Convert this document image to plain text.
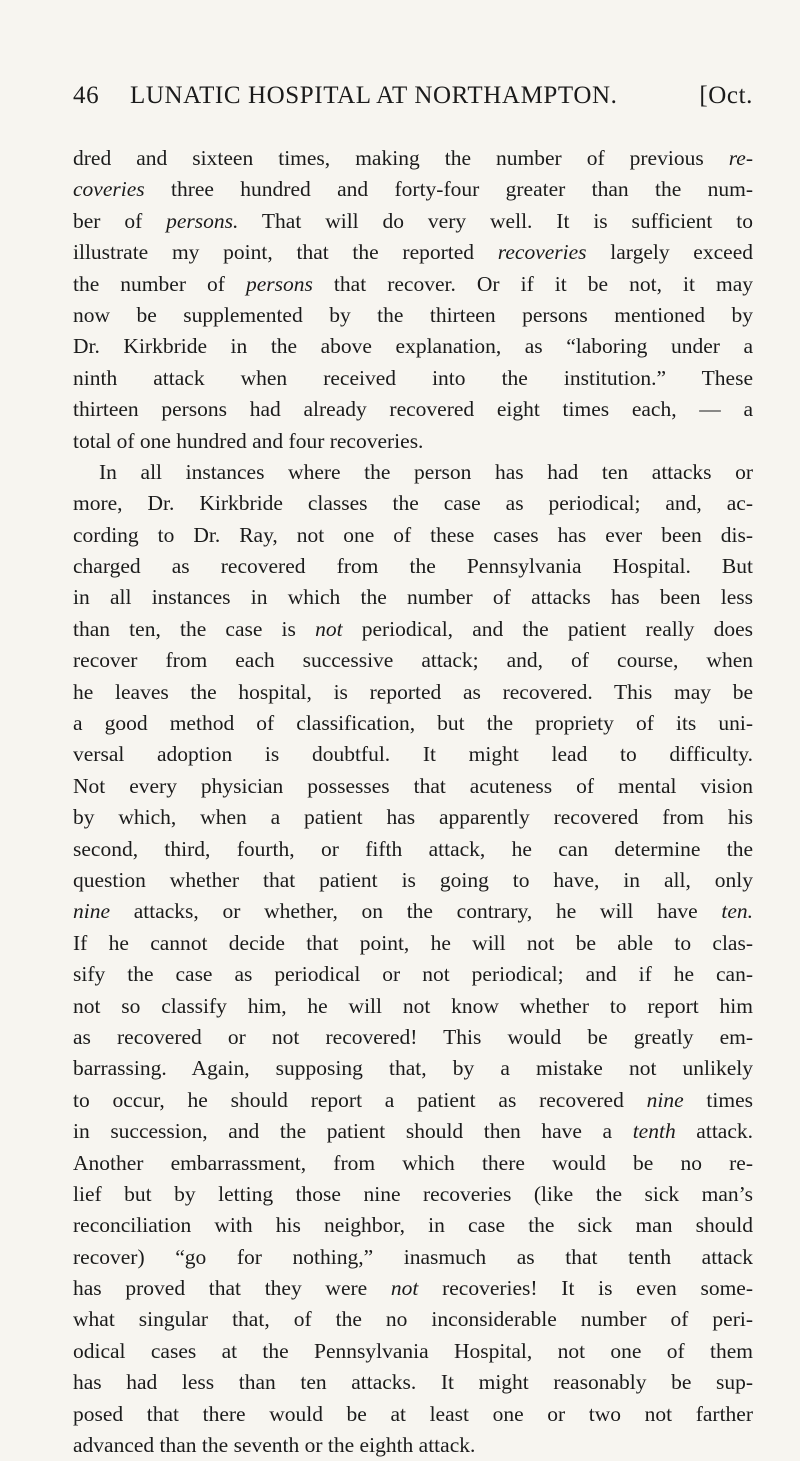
46 LUNATIC HOSPITAL AT NORTHAMPTON.	[Oct.
dred and sixteen times, making the number of previous re-
coveries three hundred and forty-four greater than the num-
ber of persons. That will do very well. It is sufficient to
illustrate my point, that the reported recoveries largely exceed
the number of persons that recover. Or if it be not, it may
now be supplemented by the thirteen persons mentioned by
Dr. Kirkbride in the above explanation, as “laboring under a
ninth attack when received into the institution.” These
thirteen persons had already recovered eight times each, — a
total of one hundred and four recoveries.
In all instances where the person has had ten attacks or
more, Dr. Kirkbride classes the case as periodical; and, ac-
cording to Dr. Ray, not one of these cases has ever been dis-
charged as recovered from the Pennsylvania Hospital. But
in all instances in which the number of attacks has been less
than ten, the case is not periodical, and the patient really does
recover from each successive attack; and, of course, when
he leaves the hospital, is reported as recovered. This may be
a good method of classification, but the propriety of its uni-
versal adoption is doubtful. It might lead to difficulty.
Not every physician possesses that acuteness of mental vision
by which, when a patient has apparently recovered from his
second, third, fourth, or fifth attack, he can determine the
question whether that patient is going to have, in all, only
nine attacks, or whether, on the contrary, he will have ten.
If he cannot decide that point, he will not be able to clas-
sify the case as periodical or not periodical; and if he can-
not so classify him, he will not know whether to report him
as recovered or not recovered! This would be greatly em-
barrassing. Again, supposing that, by a mistake not unlikely
to occur, he should report a patient as recovered nine times
in succession, and the patient should then have a tenth attack.
Another embarrassment, from which there would be no re-
lief but by letting those nine recoveries (like the sick man’s
reconciliation with his neighbor, in case the sick man should
recover) “go for nothing,” inasmuch as that tenth attack
has proved that they were not recoveries! It is even some-
what singular that, of the no inconsiderable number of peri-
odical cases at the Pennsylvania Hospital, not one of them
has had less than ten attacks. It might reasonably be sup-
posed that there would be at least one or two not farther
advanced than the seventh or the eighth attack.
